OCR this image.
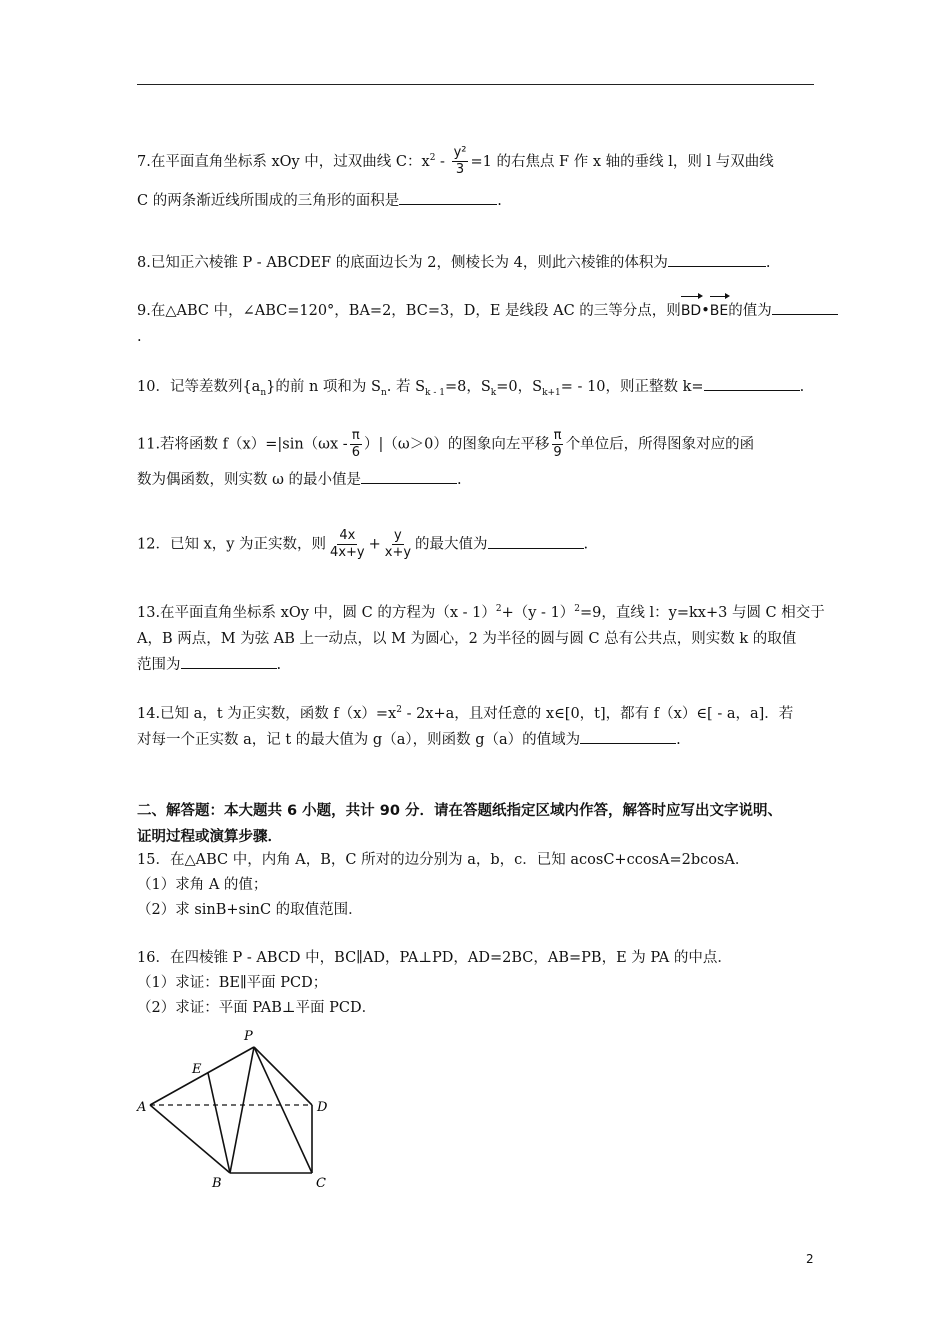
7.在平面直角坐标系 xOy 中，过双曲线 C：$x^2 - \frac{\text{y²}}{3} =1$ 的右焦点 F 作 x 轴的垂线 l，则 l 与双曲线
C 的两条渐近线所围成的三角形的面积是	.
8.已知正六棱锥 P - ABCDEF 的底面边长为 2，侧棱长为 4，则此六棱锥的体积为	.
9.在△ABC 中，∠ABC=120°，BA=2，BC=3，D，E 是线段 AC 的三等分点，则BD•BE的值为
.
10．记等差数列$\{a_n\}$的前 n 项和为 $S_n$. 若 $S_{k - 1}=8$，$S_k=0$，$S_{k+1}= - 10$，则正整数 k=	.
11.若将函数 $f(x)=|\sin(\omega x - \frac{\pi}{6} )|(\omega>0)$的图象向左平移 $\frac{\pi}{9}$ 个单位后，所得图象对应的函
数为偶函数，则实数 ω 的最小值是	.
12．已知 x，y 为正实数，则 $\frac{4x}{4x+y} + \frac{y}{x+y}$ 的最大值为	.
13.在平面直角坐标系 xOy 中，圆 C 的方程为（x - 1）$^2$+（y - 1）$^2$=9，直线 l：y=kx+3 与圆 C 相交于
A，B 两点，M 为弦 AB 上一动点，以 M 为圆心，2 为半径的圆与圆 C 总有公共点，则实数 k 的取值
范围为	.
14.已知 a，t 为正实数，函数 $f(x)=x^2 - 2x+a$，且对任意的 x∈[0，t]，都有 f（x）∈[ - a，a]．若
对每一个正实数 a，记 t 的最大值为 g（a），则函数 g（a）的值域为	.
二、解答题：本大题共 6 小题，共计 90 分．请在答题纸指定区域内作答，解答时应写出文字说明、
证明过程或演算步骤．
15．在△ABC 中，内角 A，B，C 所对的边分别为 a，b，c．已知 acosC+ccosA=2bcosA．
（1）求角 A 的值；
（2）求 sinB+sinC 的取值范围．
16．在四棱锥 P - ABCD 中，BC∥AD，PA⊥PD，AD=2BC，AB=PB，E 为 PA 的中点．
（1）求证：BE∥平面 PCD；
（2）求证：平面 PAB⊥平面 PCD．
P
E
A	D
B	C
2
